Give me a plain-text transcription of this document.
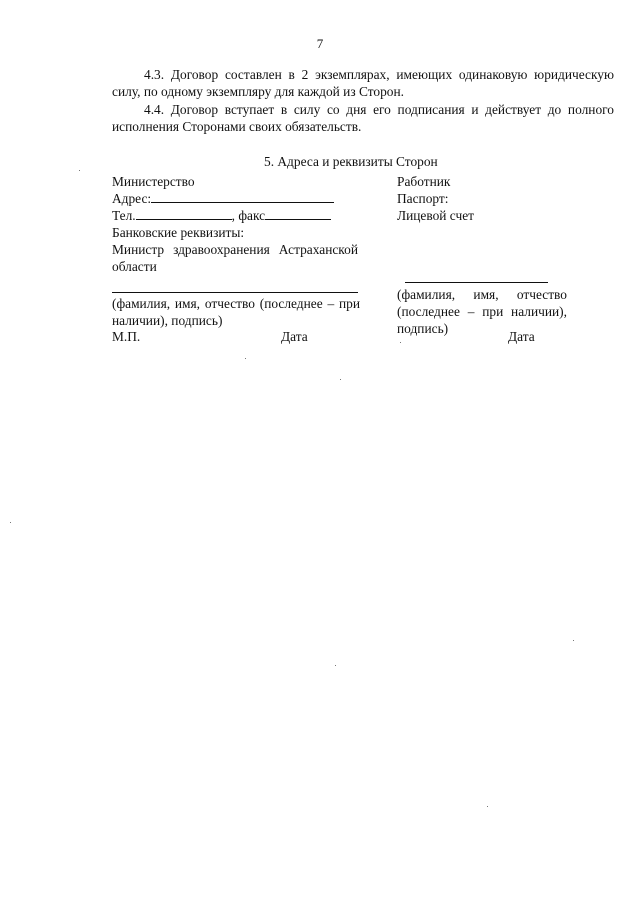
7
4.3. Договор составлен в 2 экземплярах, имеющих одинаковую юридическую силу, по одному экземпляру для каждой из Сторон.
4.4. Договор вступает в силу со дня его подписания и действует до полного исполнения Сторонами своих обязательств.
5. Адреса и реквизиты Сторон
Министерство
Адрес:
Тел.	, факс
Банковские реквизиты:
Министр здравоохранения Астраханской области
(фамилия, имя, отчество (последнее – при наличии), подпись)
М.П.	Дата
Работник
Паспорт:
Лицевой счет
(фамилия, имя, отчество (последнее – при наличии), подпись)
Дата
